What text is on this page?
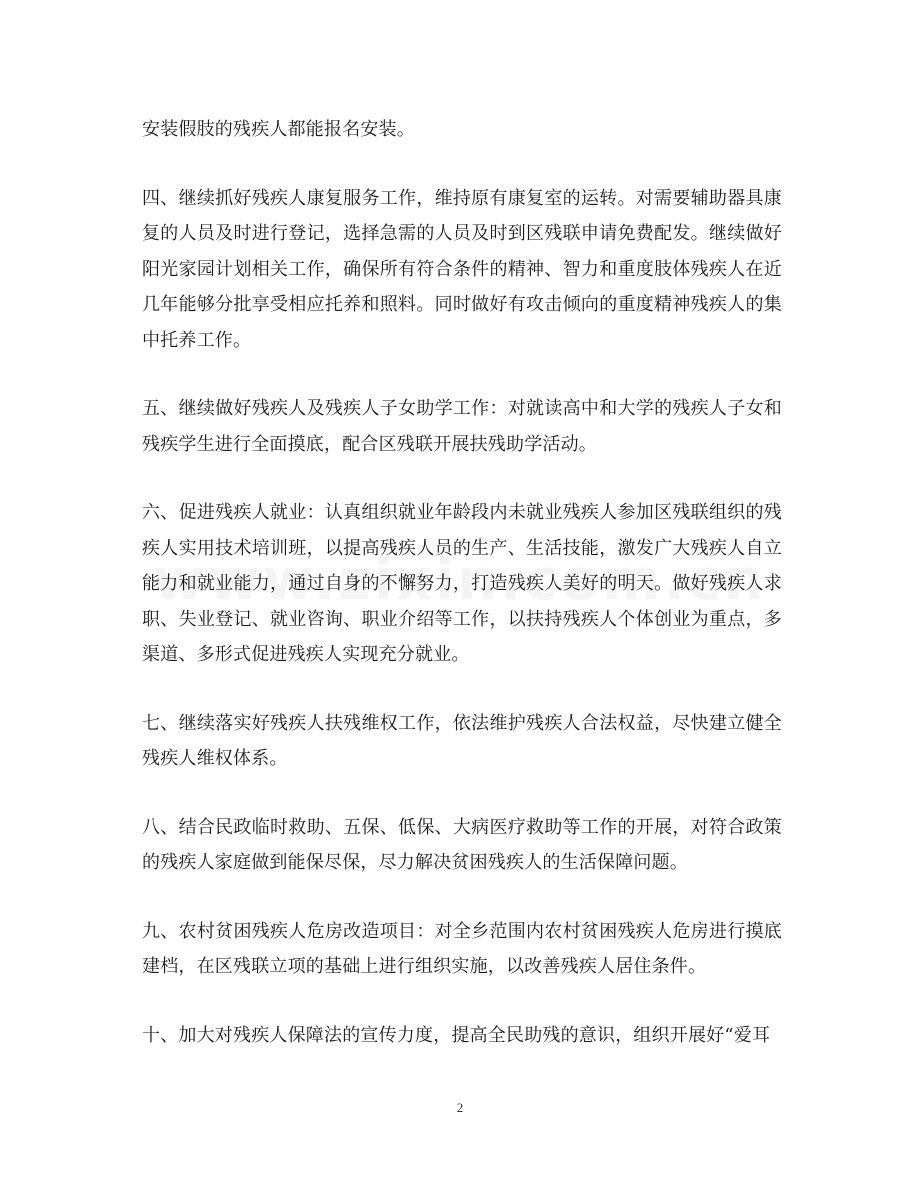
安装假肢的残疾人都能报名安装。

四、继续抓好残疾人康复服务工作，维持原有康复室的运转。对需要辅助器具康复的人员及时进行登记，选择急需的人员及时到区残联申请免费配发。继续做好阳光家园计划相关工作，确保所有符合条件的精神、智力和重度肢体残疾人在近几年能够分批享受相应托养和照料。同时做好有攻击倾向的重度精神残疾人的集中托养工作。

五、继续做好残疾人及残疾人子女助学工作：对就读高中和大学的残疾人子女和残疾学生进行全面摸底，配合区残联开展扶残助学活动。

六、促进残疾人就业：认真组织就业年龄段内未就业残疾人参加区残联组织的残疾人实用技术培训班，以提高残疾人员的生产、生活技能，激发广大残疾人自立能力和就业能力，通过自身的不懈努力，打造残疾人美好的明天。做好残疾人求职、失业登记、就业咨询、职业介绍等工作，以扶持残疾人个体创业为重点，多渠道、多形式促进残疾人实现充分就业。

七、继续落实好残疾人扶残维权工作，依法维护残疾人合法权益，尽快建立健全残疾人维权体系。

八、结合民政临时救助、五保、低保、大病医疗救助等工作的开展，对符合政策的残疾人家庭做到能保尽保，尽力解决贫困残疾人的生活保障问题。

九、农村贫困残疾人危房改造项目：对全乡范围内农村贫困残疾人危房进行摸底建档，在区残联立项的基础上进行组织实施，以改善残疾人居住条件。

十、加大对残疾人保障法的宣传力度，提高全民助残的意识，组织开展好“爱耳

2
